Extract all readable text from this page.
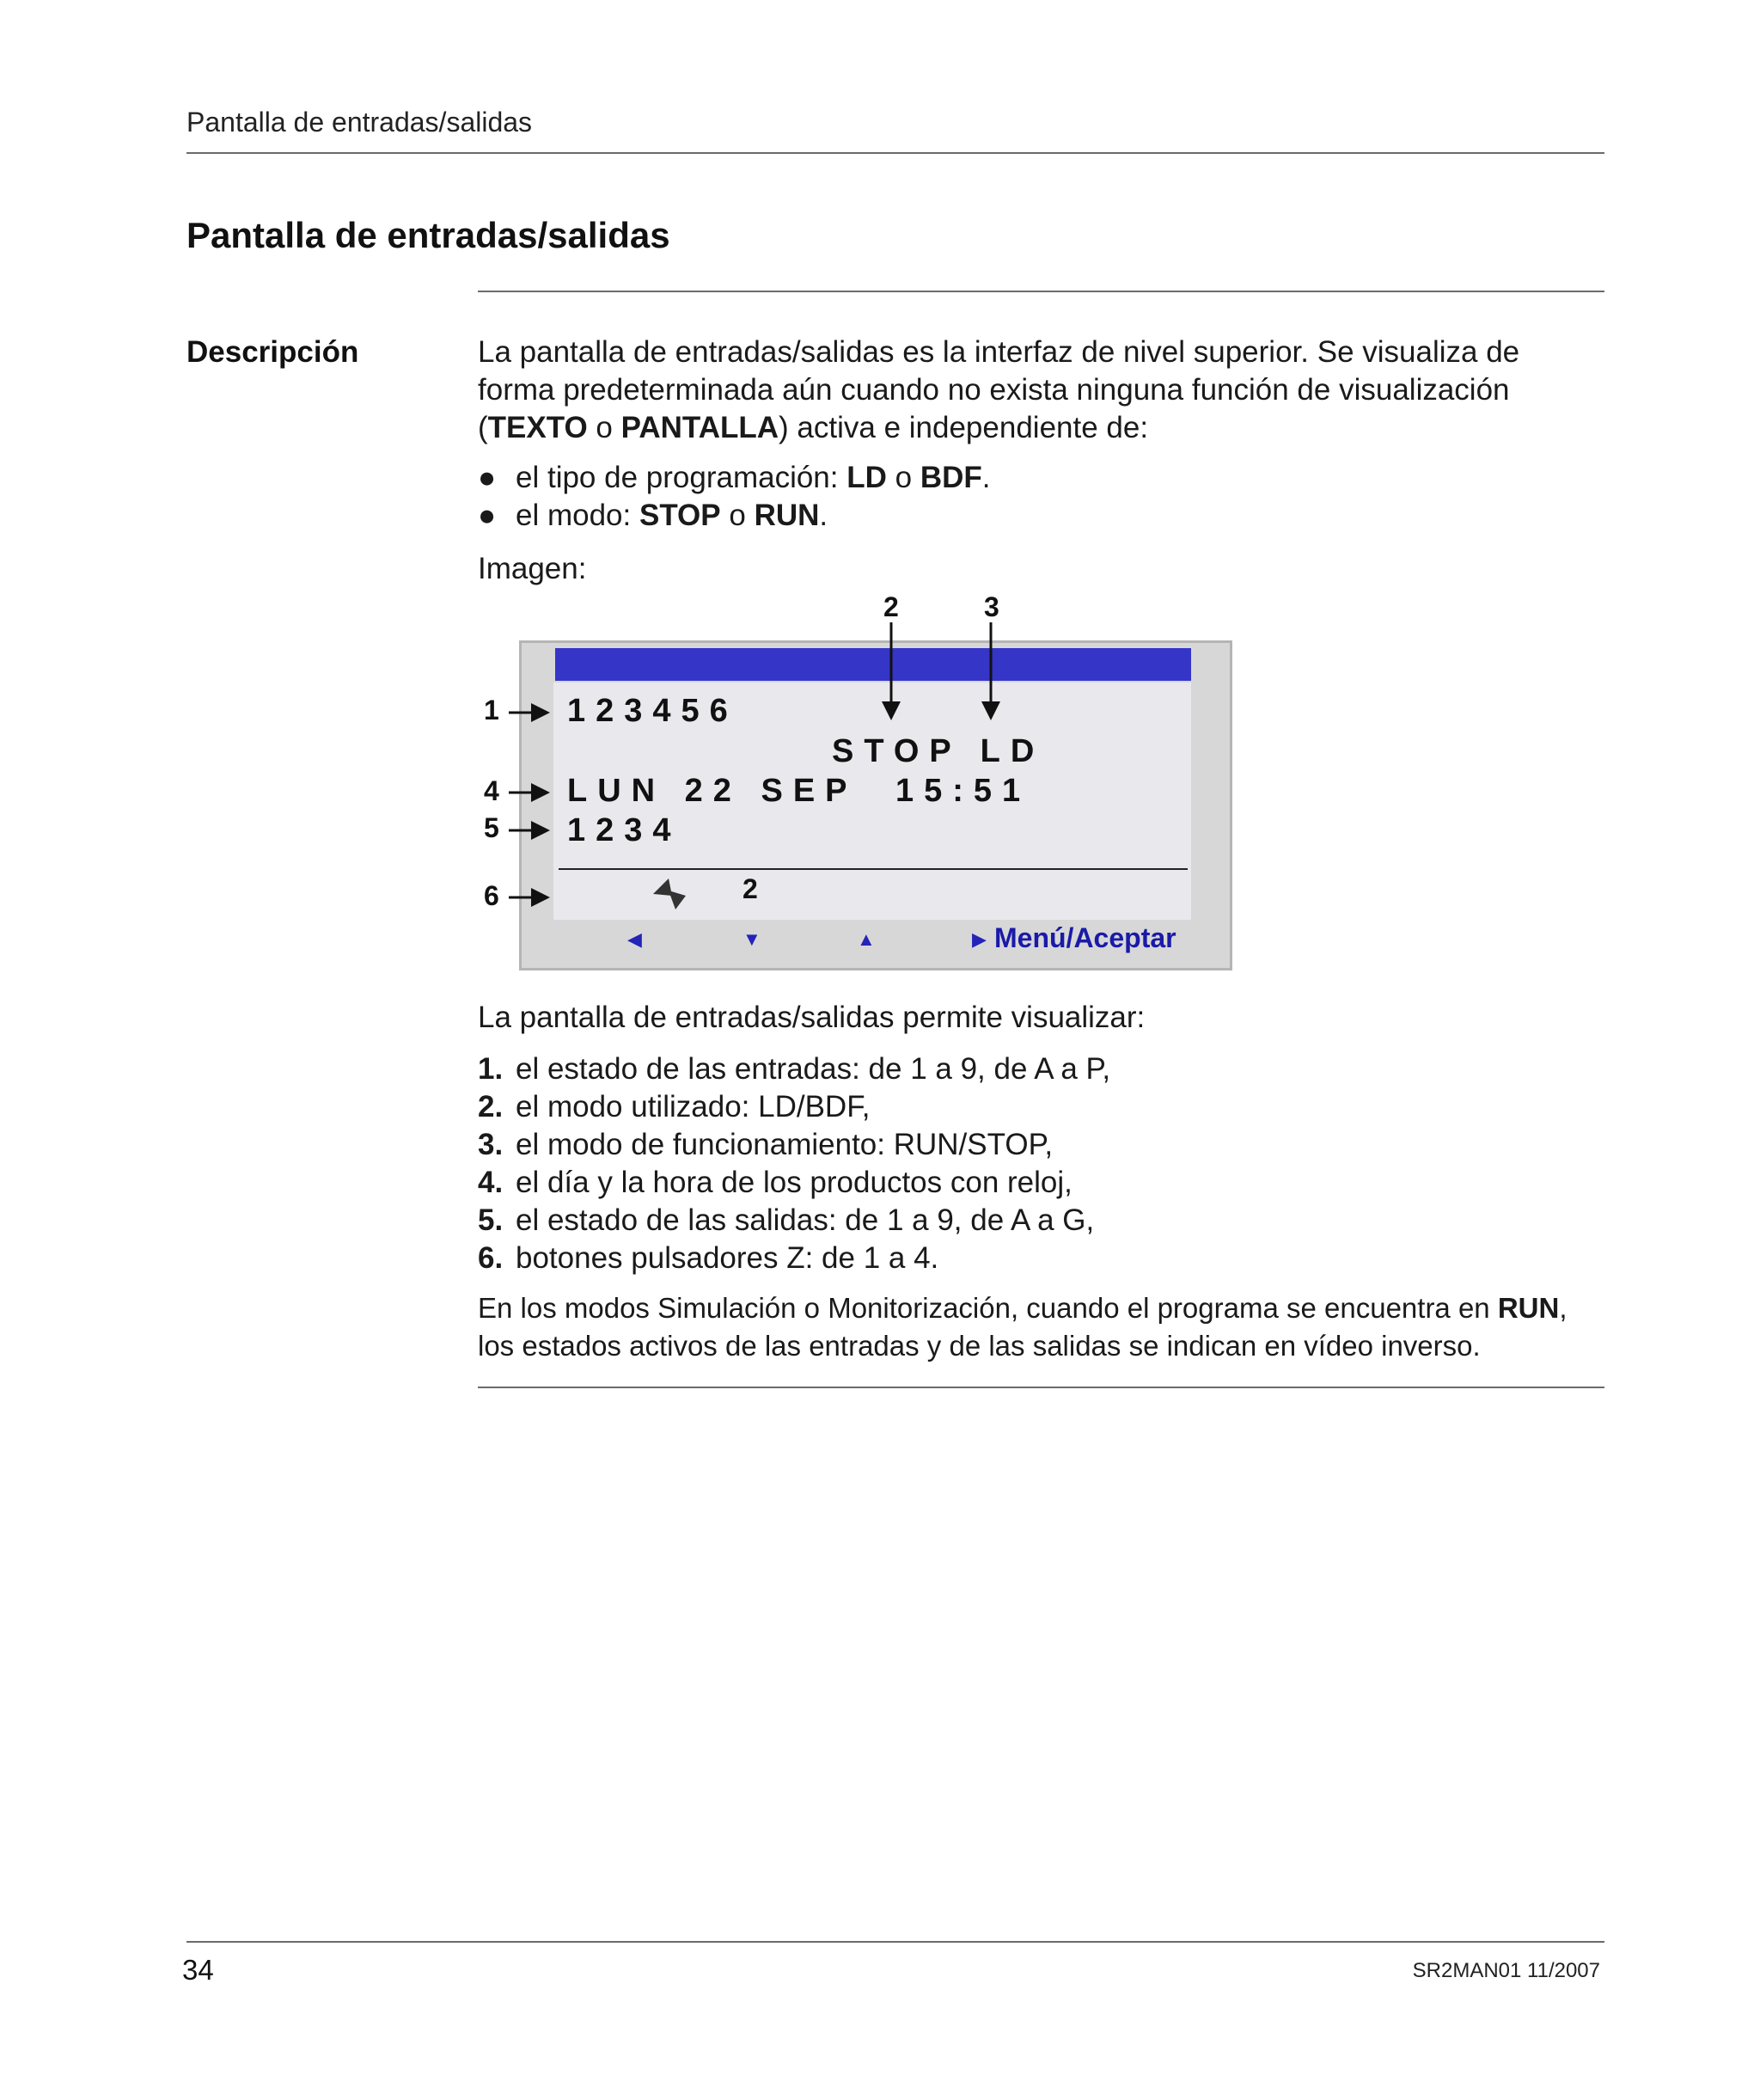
Pantalla de entradas/salidas
Pantalla de entradas/salidas
Descripción	La pantalla de entradas/salidas es la interfaz de nivel superior. Se visualiza de
forma predeterminada aún cuando no exista ninguna función de visualización
(TEXTO o PANTALLA) activa e independiente de:
● el tipo de programación: LD o BDF.
● el modo: STOP o RUN.
Imagen:
2	3
1
4
5
6
123456
STOP LD
LUN 22 SEP  15:51
1234
2
◀	▼	▲	▶ Menú/Aceptar
La pantalla de entradas/salidas permite visualizar:
1. el estado de las entradas: de 1 a 9, de A a P,
2. el modo utilizado: LD/BDF,
3. el modo de funcionamiento: RUN/STOP,
4. el día y la hora de los productos con reloj,
5. el estado de las salidas: de 1 a 9, de A a G,
6. botones pulsadores Z: de 1 a 4.
En los modos Simulación o Monitorización, cuando el programa se encuentra en RUN,
los estados activos de las entradas y de las salidas se indican en vídeo inverso.
34	SR2MAN01 11/2007
